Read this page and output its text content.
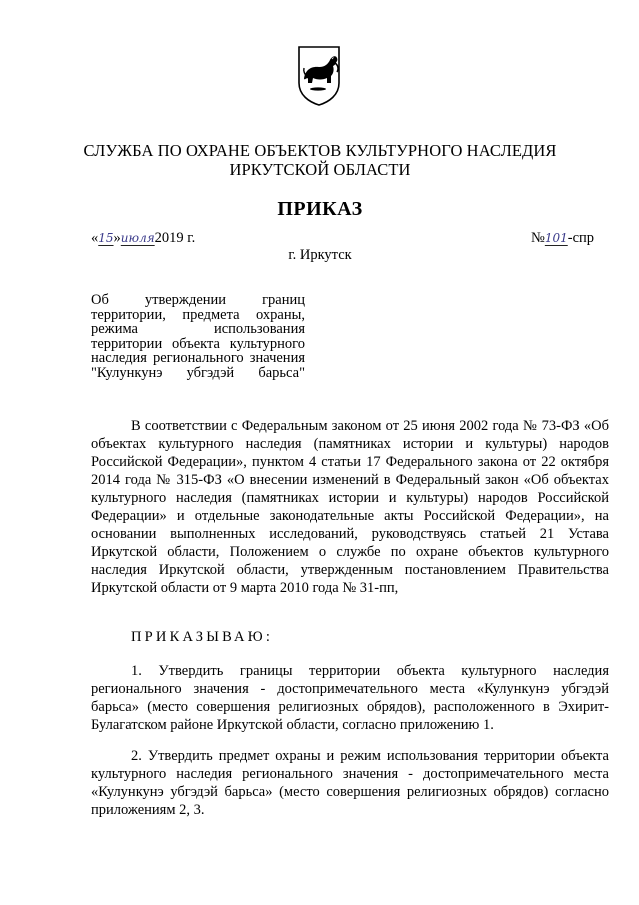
СЛУЖБА ПО ОХРАНЕ ОБЪЕКТОВ КУЛЬТУРНОГО НАСЛЕДИЯ
ИРКУТСКОЙ ОБЛАСТИ
ПРИКАЗ
«15»июля2019 г.	№101-спр
г. Иркутск
Об утверждении границ территории, предмета охраны, режима использования территории объекта культурного наследия регионального значения "Кулункунэ убгэдэй барьса"
В соответствии с Федеральным законом от 25 июня 2002 года № 73-ФЗ «Об объектах культурного наследия (памятниках истории и культуры) народов Российской Федерации», пунктом 4 статьи 17 Федерального закона от 22 октября 2014 года № 315-ФЗ «О внесении изменений в Федеральный закон «Об объектах культурного наследия (памятниках истории и культуры) народов Российской Федерации» и отдельные законодательные акты Российской Федерации», на основании выполненных исследований, руководствуясь статьей 21 Устава Иркутской области, Положением о службе по охране объектов культурного наследия Иркутской области, утвержденным постановлением Правительства Иркутской области от 9 марта 2010 года № 31-пп,
ПРИКАЗЫВАЮ:
1. Утвердить границы территории объекта культурного наследия регионального значения - достопримечательного места «Кулункунэ убгэдэй барьса» (место совершения религиозных обрядов), расположенного в Эхирит-Булагатском районе Иркутской области, согласно приложению 1.
2. Утвердить предмет охраны и режим использования территории объекта культурного наследия регионального значения - достопримечательного места «Кулункунэ убгэдэй барьса» (место совершения религиозных обрядов) согласно приложениям 2, 3.
